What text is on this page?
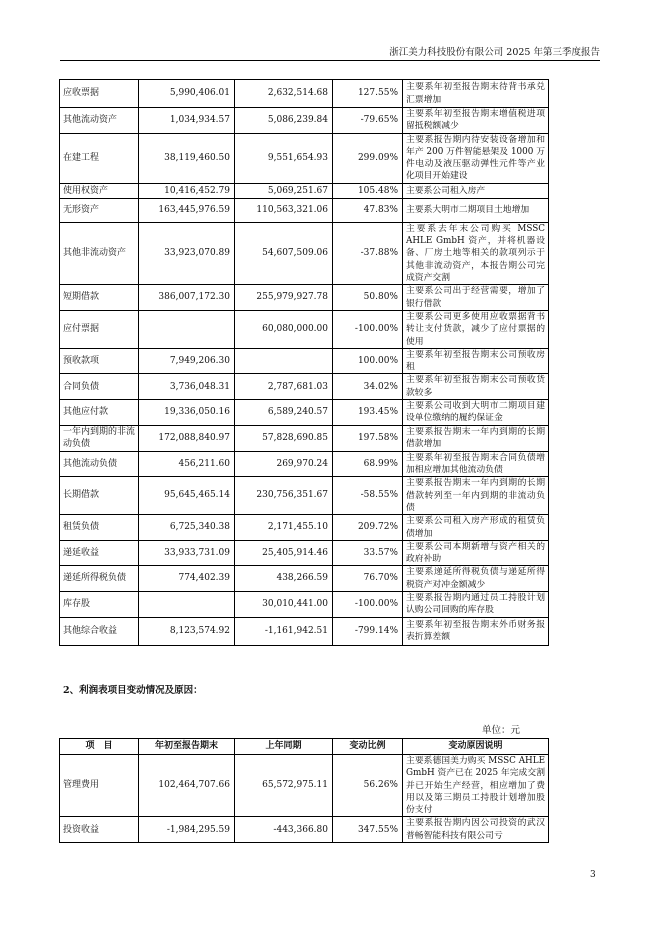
浙江美力科技股份有限公司 2025 年第三季度报告
应收票据	5,990,406.01	2,632,514.68	127.55%	主要系年初至报告期末待背书承兑汇票增加
其他流动资产	1,034,934.57	5,086,239.84	-79.65%	主要系年初至报告期末增值税进项留抵税额减少
在建工程	38,119,460.50	9,551,654.93	299.09%	主要系报告期内待安装设备增加和年产 200 万件智能悬架及 1000 万件电动及液压驱动弹性元件等产业化项目开始建设
使用权资产	10,416,452.79	5,069,251.67	105.48%	主要系公司租入房产
无形资产	163,445,976.59	110,563,321.06	47.83%	主要系大明市二期项目土地增加
其他非流动资产	33,923,070.89	54,607,509.06	-37.88%	主要系去年末公司购买 MSSC AHLE GmbH 资产，并将机器设备、厂房土地等相关的款项列示于其他非流动资产，本报告期公司完成资产交割
短期借款	386,007,172.30	255,979,927.78	50.80%	主要系公司出于经营需要，增加了银行借款
应付票据		60,080,000.00	-100.00%	主要系公司更多使用应收票据背书转让支付货款，减少了应付票据的使用
预收款项	7,949,206.30		100.00%	主要系年初至报告期末公司预收房租
合同负债	3,736,048.31	2,787,681.03	34.02%	主要系年初至报告期末公司预收货款较多
其他应付款	19,336,050.16	6,589,240.57	193.45%	主要系公司收到大明市二期项目建设单位缴纳的履约保证金
一年内到期的非流动负债	172,088,840.97	57,828,690.85	197.58%	主要系报告期末一年内到期的长期借款增加
其他流动负债	456,211.60	269,970.24	68.99%	主要系年初至报告期末合同负债增加相应增加其他流动负债
长期借款	95,645,465.14	230,756,351.67	-58.55%	主要系报告期末一年内到期的长期借款转列至一年内到期的非流动负债
租赁负债	6,725,340.38	2,171,455.10	209.72%	主要系公司租入房产形成的租赁负债增加
递延收益	33,933,731.09	25,405,914.46	33.57%	主要系公司本期新增与资产相关的政府补助
递延所得税负债	774,402.39	438,266.59	76.70%	主要系递延所得税负债与递延所得税资产对冲金额减少
库存股		30,010,441.00	-100.00%	主要系报告期内通过员工持股计划认购公司回购的库存股
其他综合收益	8,123,574.92	-1,161,942.51	-799.14%	主要系年初至报告期末外币财务报表折算差额
2、利润表项目变动情况及原因：
单位：元
项　目	年初至报告期末	上年同期	变动比例	变动原因说明
管理费用	102,464,707.66	65,572,975.11	56.26%	主要系德国美力购买 MSSC AHLE GmbH 资产已在 2025 年完成交割并已开始生产经营，相应增加了费用以及第三期员工持股计划增加股份支付
投资收益	-1,984,295.59	-443,366.80	347.55%	主要系报告期内因公司投资的武汉普畅智能科技有限公司亏
3
